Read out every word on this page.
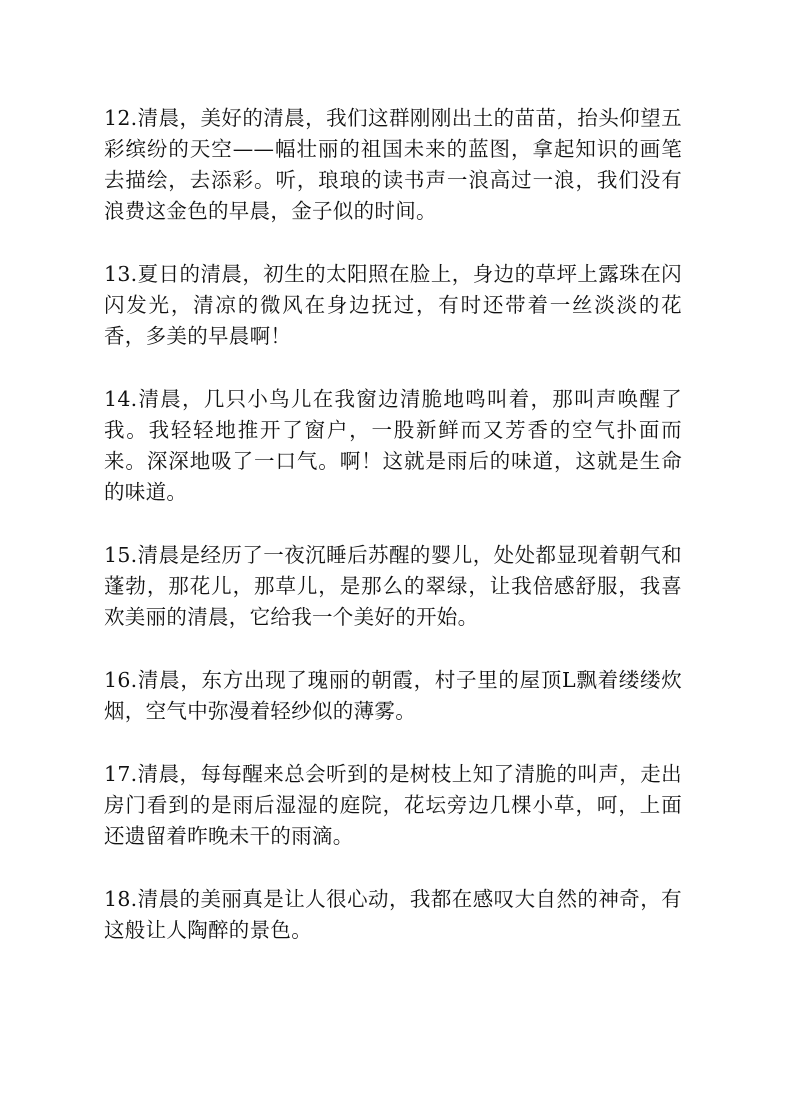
12.清晨，美好的清晨，我们这群刚刚出土的苗苗，抬头仰望五彩缤纷的天空——幅壮丽的祖国未来的蓝图，拿起知识的画笔去描绘，去添彩。听，琅琅的读书声一浪高过一浪，我们没有浪费这金色的早晨，金子似的时间。

13.夏日的清晨，初生的太阳照在脸上，身边的草坪上露珠在闪闪发光，清凉的微风在身边抚过，有时还带着一丝淡淡的花香，多美的早晨啊！

14.清晨，几只小鸟儿在我窗边清脆地鸣叫着，那叫声唤醒了我。我轻轻地推开了窗户，一股新鲜而又芳香的空气扑面而来。深深地吸了一口气。啊！这就是雨后的味道，这就是生命的味道。

15.清晨是经历了一夜沉睡后苏醒的婴儿，处处都显现着朝气和蓬勃，那花儿，那草儿，是那么的翠绿，让我倍感舒服，我喜欢美丽的清晨，它给我一个美好的开始。

16.清晨，东方出现了瑰丽的朝霞，村子里的屋顶L飘着缕缕炊烟，空气中弥漫着轻纱似的薄雾。

17.清晨，每每醒来总会听到的是树枝上知了清脆的叫声，走出房门看到的是雨后湿湿的庭院，花坛旁边几棵小草，呵，上面还遗留着昨晚未干的雨滴。

18.清晨的美丽真是让人很心动，我都在感叹大自然的神奇，有这般让人陶醉的景色。
